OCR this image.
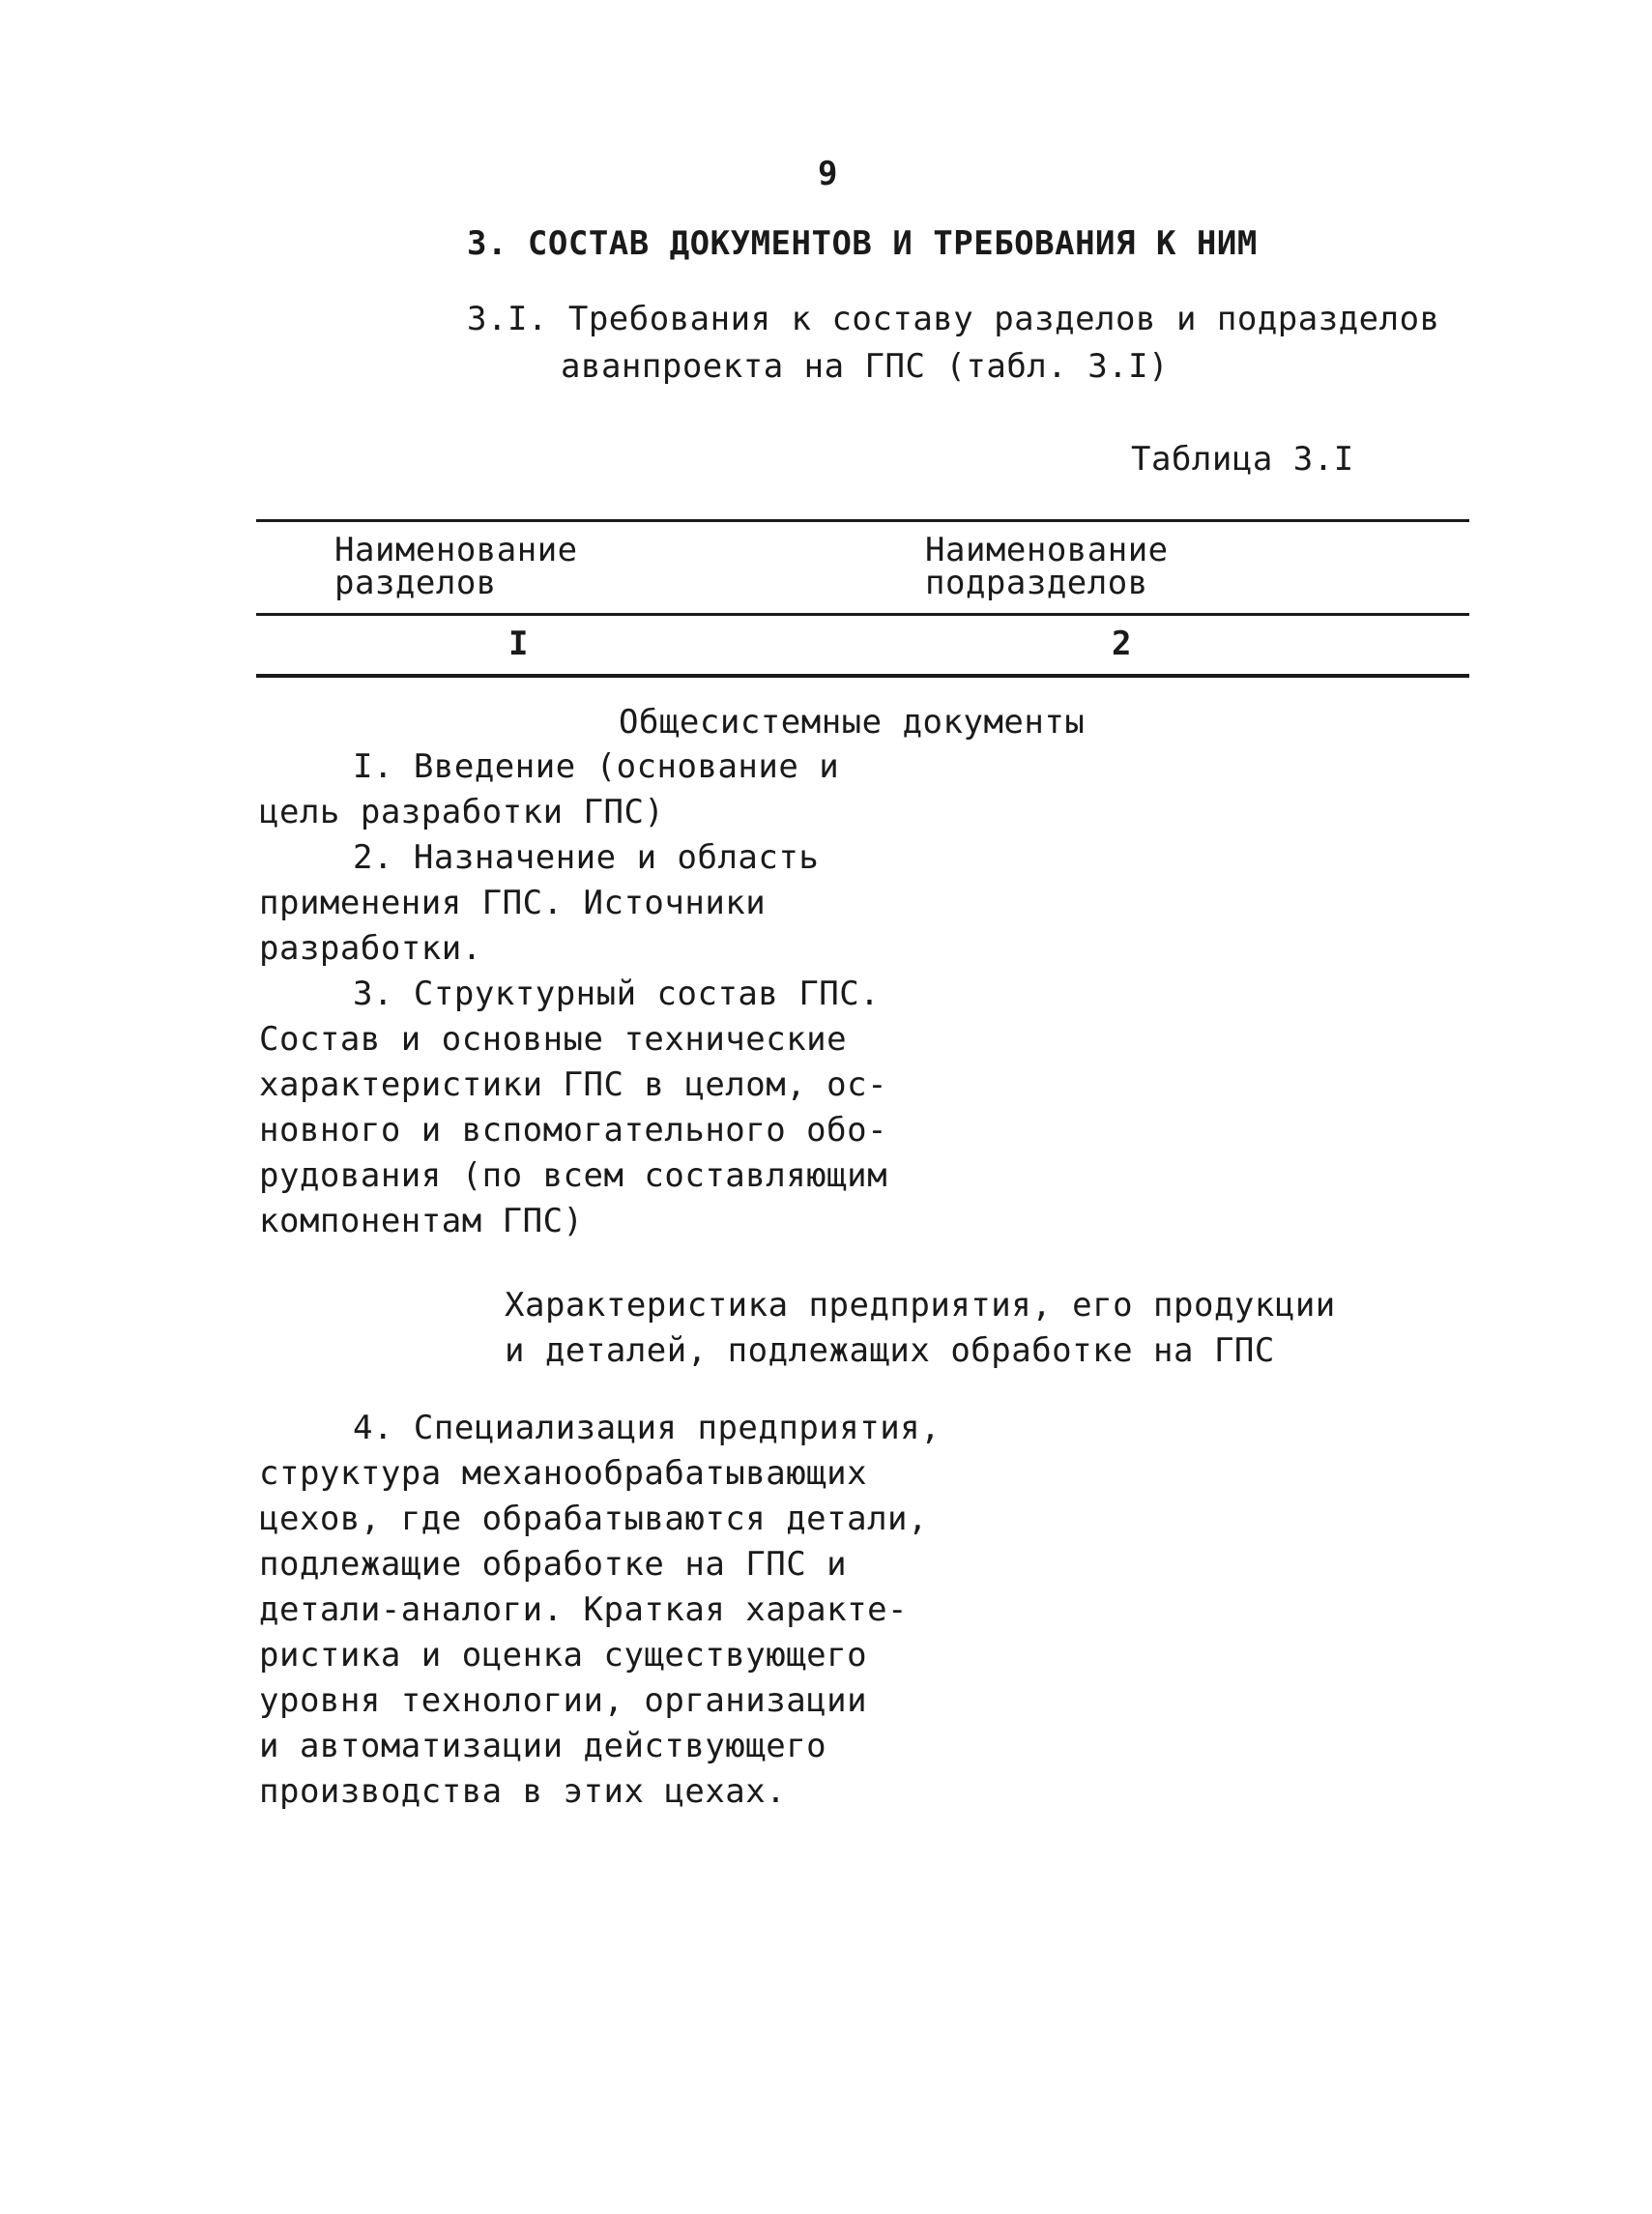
9
3. СОСТАВ ДОКУМЕНТОВ И ТРЕБОВАНИЯ К НИМ
3.I. Требования к составу разделов и подразделов
аванпроекта на ГПС (табл. 3.I)
Таблица 3.I
Наименование
разделов
Наименование
подразделов
I	2
Общесистемные документы
I. Введение (основание и
цель разработки ГПС)
2. Назначение и область
применения ГПС. Источники
разработки.
3. Структурный состав ГПС.
Состав и основные технические
характеристики ГПС в целом, ос-
новного и вспомогательного обо-
рудования (по всем составляющим
компонентам ГПС)
Характеристика предприятия, его продукции
и деталей, подлежащих обработке на ГПС
4. Специализация предприятия,
структура механообрабатывающих
цехов, где обрабатываются детали,
подлежащие обработке на ГПС и
детали-аналоги. Краткая характе-
ристика и оценка существующего
уровня технологии, организации
и автоматизации действующего
производства в этих цехах.
